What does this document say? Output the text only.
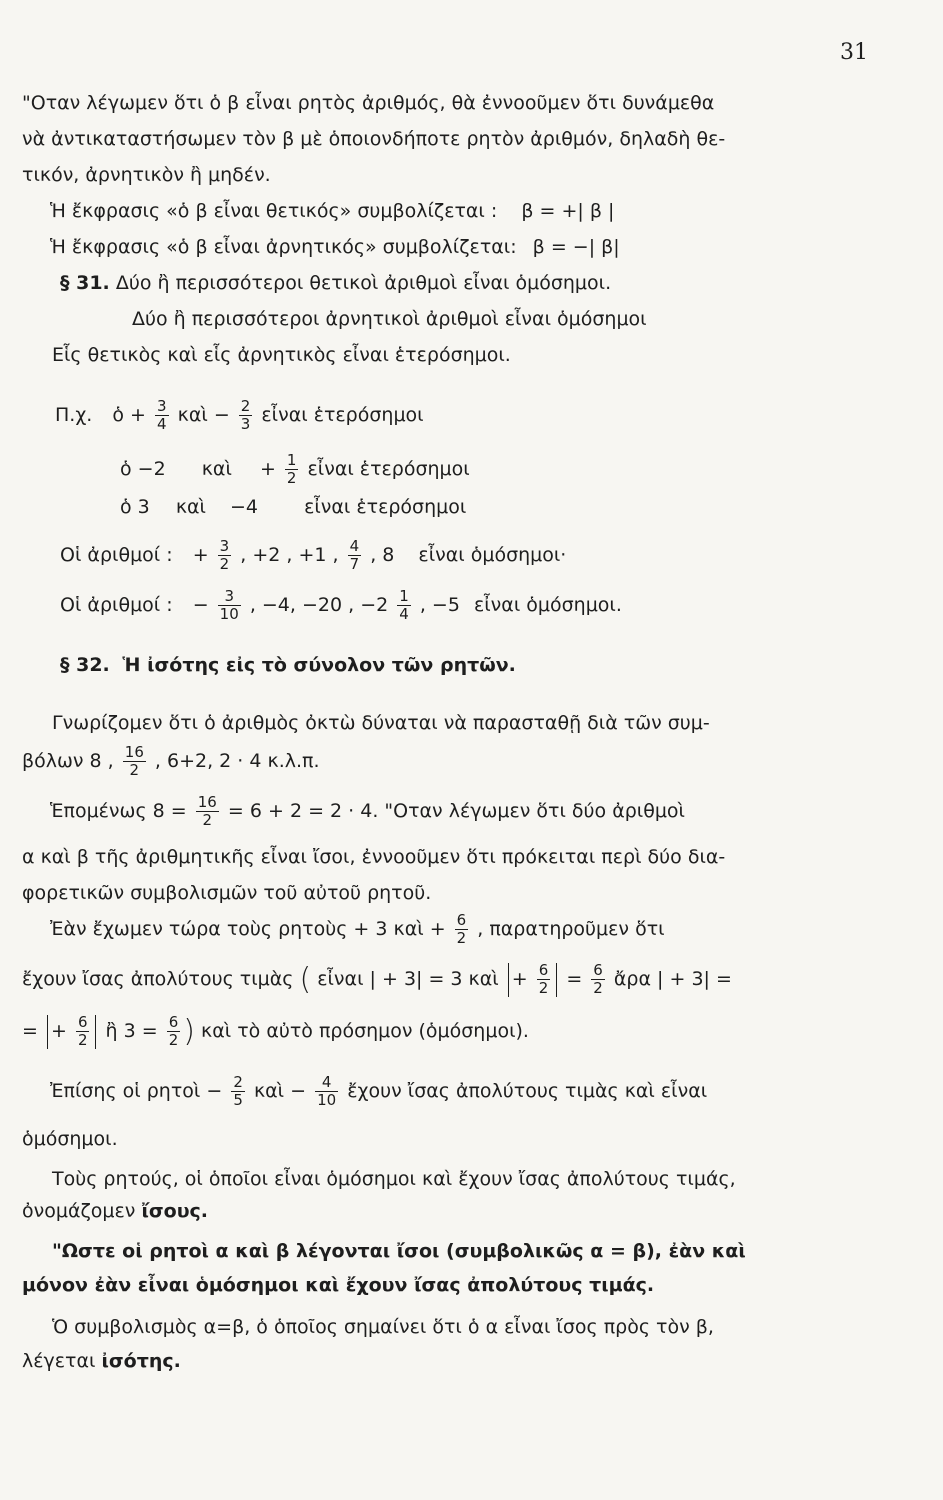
31
"Οταν λέγωμεν ὅτι ὁ β εἶναι ρητὸς ἀριθμός, θὰ ἐννοοῦμεν ὅτι δυνάμεθα
νὰ ἀντικαταστήσωμεν τὸν β μὲ ὁποιονδήποτε ρητὸν ἀριθμόν, δηλαδὴ θε-
τικόν, ἀρνητικὸν ἢ μηδέν.
Ἡ ἔκφρασις «ὁ β εἶναι θετικός» συμβολίζεται : β = +| β |
Ἡ ἔκφρασις «ὁ β εἶναι ἀρνητικός» συμβολίζεται: β = −| β|
§ 31. Δύο ἢ περισσότεροι θετικοὶ ἀριθμοὶ εἶναι ὁμόσημοι.
Δύο ἢ περισσότεροι ἀρνητικοὶ ἀριθμοὶ εἶναι ὁμόσημοι
Εἷς θετικὸς καὶ εἷς ἀρνητικὸς εἶναι ἑτερόσημοι.
Π.χ. ὁ + $\frac{3}{4}$ καὶ − $\frac{2}{3}$ εἶναι ἑτερόσημοι
ὁ −2 καὶ + $\frac{1}{2}$ εἶναι ἑτερόσημοι
ὁ 3 καὶ −4 εἶναι ἑτερόσημοι
Οἱ ἀριθμοί : + $\frac{3}{2}$ , +2 , +1 , $\frac{4}{7}$ , 8 εἶναι ὁμόσημοι·
Οἱ ἀριθμοί : − $\frac{3}{10}$ , −4, −20 , $-2 \frac{1}{4}$ , −5 εἶναι ὁμόσημοι.
§ 32. Ἡ ἰσότης εἰς τὸ σύνολον τῶν ρητῶν.
Γνωρίζομεν ὅτι ὁ ἀριθμὸς ὀκτὼ δύναται νὰ παρασταθῇ διὰ τῶν συμ-
βόλων 8 , $\frac{16}{2}$ , 6+2, 2 · 4 κ.λ.π.
Ἑπομένως $8 = \frac{16}{2} = 6 + 2 = 2 \cdot 4$. "Οταν λέγωμεν ὅτι δύο ἀριθμοὶ
α καὶ β τῆς ἀριθμητικῆς εἶναι ἴσοι, ἐννοοῦμεν ὅτι πρόκειται περὶ δύο δια-
φορετικῶν συμβολισμῶν τοῦ αὐτοῦ ρητοῦ.
Ἐὰν ἔχωμεν τώρα τοὺς ρητοὺς + 3 καὶ + $\frac{6}{2}$ , παρατηροῦμεν ὅτι
ἔχουν ἴσας ἀπολύτους τιμὰς ( εἶναι | + 3| = 3 καὶ + $\frac{6}{2} = \frac{6}{2}$ ἄρα | + 3| =
= + $\frac{6}{2}$ ἢ $3 = \frac{6}{2}$ ) καὶ τὸ αὐτὸ πρόσημον (ὁμόσημοι).
Ἐπίσης οἱ ρητοὶ − $\frac{2}{5}$ καὶ − $\frac{4}{10}$ ἔχουν ἴσας ἀπολύτους τιμὰς καὶ εἶναι
ὁμόσημοι.
Τοὺς ρητούς, οἱ ὁποῖοι εἶναι ὁμόσημοι καὶ ἔχουν ἴσας ἀπολύτους τιμάς,
ὀνομάζομεν ἴσους.
"Ωστε οἱ ρητοὶ α καὶ β λέγονται ἴσοι (συμβολικῶς α = β), ἐὰν καὶ
μόνον ἐὰν εἶναι ὁμόσημοι καὶ ἔχουν ἴσας ἀπολύτους τιμάς.
Ὁ συμβολισμὸς α=β, ὁ ὁποῖος σημαίνει ὅτι ὁ α εἶναι ἴσος πρὸς τὸν β,
λέγεται ἰσότης.
